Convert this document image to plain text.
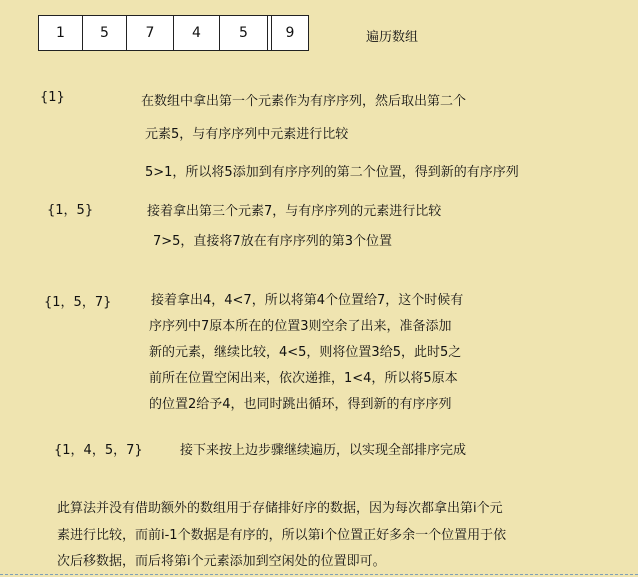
1	5	7	4	5	9	遍历数组
{1}	在数组中拿出第一个元素作为有序序列，然后取出第二个
元素5，与有序序列中元素进行比较
5>1，所以将5添加到有序序列的第二个位置，得到新的有序序列
{1，5}	接着拿出第三个元素7，与有序序列的元素进行比较
7>5，直接将7放在有序序列的第3个位置
{1，5，7}	接着拿出4，4<7，所以将第4个位置给7，这个时候有
序序列中7原本所在的位置3则空余了出来，准备添加
新的元素，继续比较，4<5，则将位置3给5，此时5之
前所在位置空闲出来，依次递推，1<4，所以将5原本
的位置2给予4，也同时跳出循环，得到新的有序序列
{1，4，5，7}	接下来按上边步骤继续遍历，以实现全部排序完成
此算法并没有借助额外的数组用于存储排好序的数据，因为每次都拿出第i个元
素进行比较，而前i-1个数据是有序的，所以第i个位置正好多余一个位置用于依
次后移数据，而后将第i个元素添加到空闲处的位置即可。
